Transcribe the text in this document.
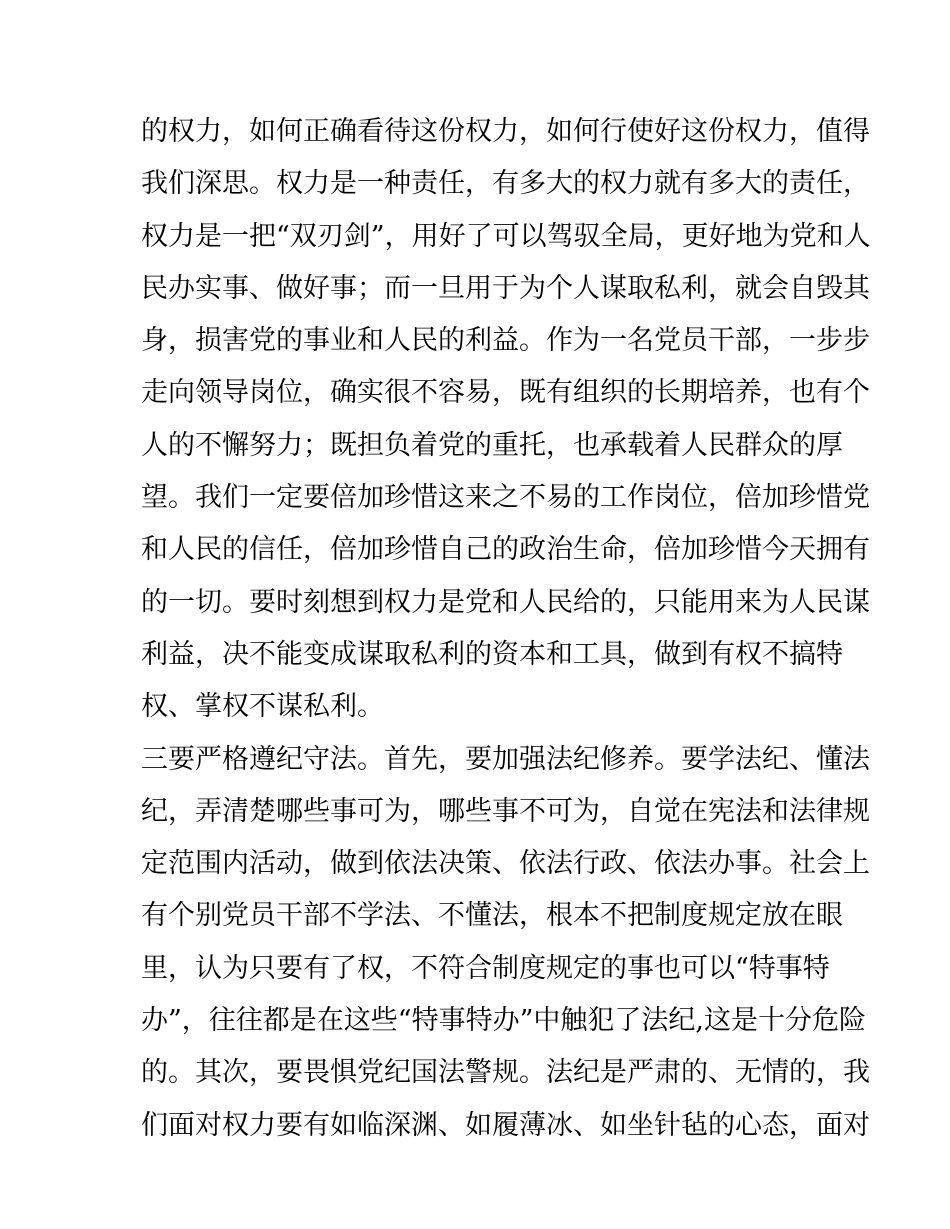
的权力，如何正确看待这份权力，如何行使好这份权力，值得
我们深思。权力是一种责任，有多大的权力就有多大的责任，
权力是一把“双刃剑”，用好了可以驾驭全局，更好地为党和人
民办实事、做好事；而一旦用于为个人谋取私利，就会自毁其
身，损害党的事业和人民的利益。作为一名党员干部，一步步
走向领导岗位，确实很不容易，既有组织的长期培养，也有个
人的不懈努力；既担负着党的重托，也承载着人民群众的厚
望。我们一定要倍加珍惜这来之不易的工作岗位，倍加珍惜党
和人民的信任，倍加珍惜自己的政治生命，倍加珍惜今天拥有
的一切。要时刻想到权力是党和人民给的，只能用来为人民谋
利益，决不能变成谋取私利的资本和工具，做到有权不搞特
权、掌权不谋私利。
三要严格遵纪守法。首先，要加强法纪修养。要学法纪、懂法
纪，弄清楚哪些事可为，哪些事不可为，自觉在宪法和法律规
定范围内活动，做到依法决策、依法行政、依法办事。社会上
有个别党员干部不学法、不懂法，根本不把制度规定放在眼
里，认为只要有了权，不符合制度规定的事也可以“特事特
办”，往往都是在这些“特事特办”中触犯了法纪,这是十分危险
的。其次，要畏惧党纪国法警规。法纪是严肃的、无情的，我
们面对权力要有如临深渊、如履薄冰、如坐针毡的心态，面对
